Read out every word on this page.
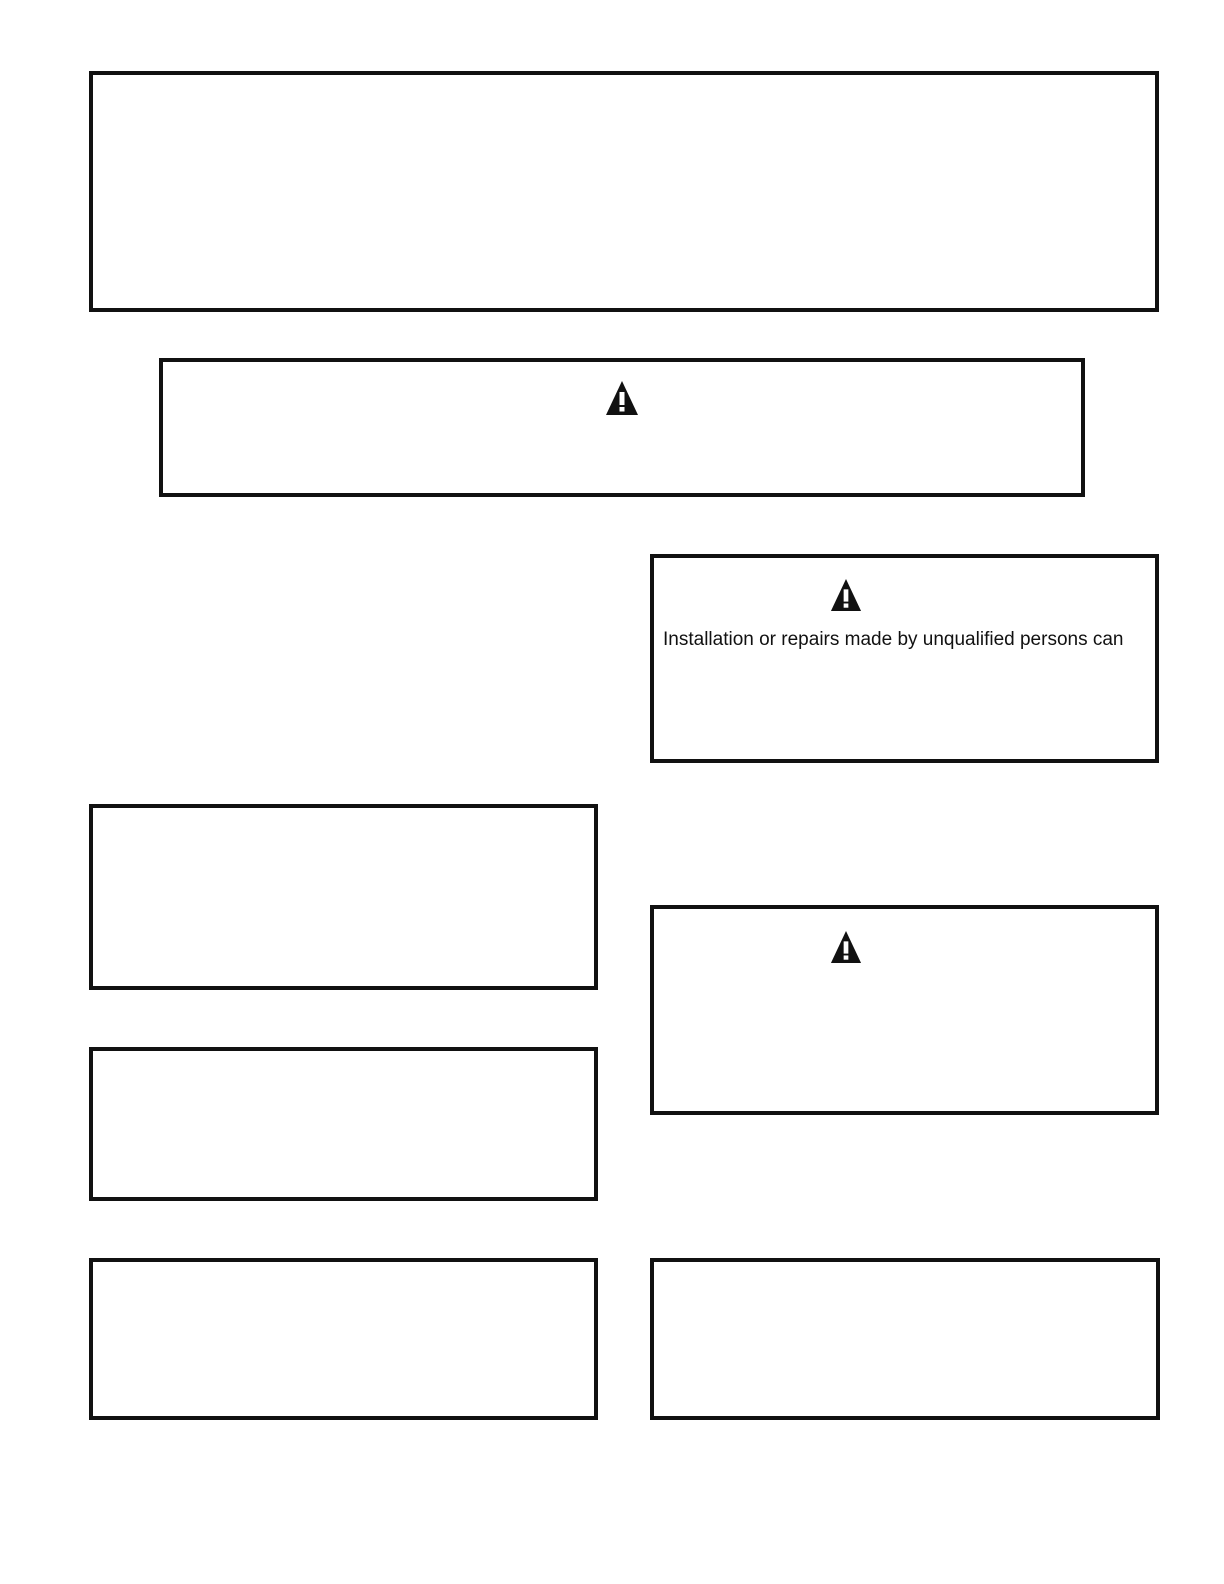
Installation or repairs made by unqualified persons can
